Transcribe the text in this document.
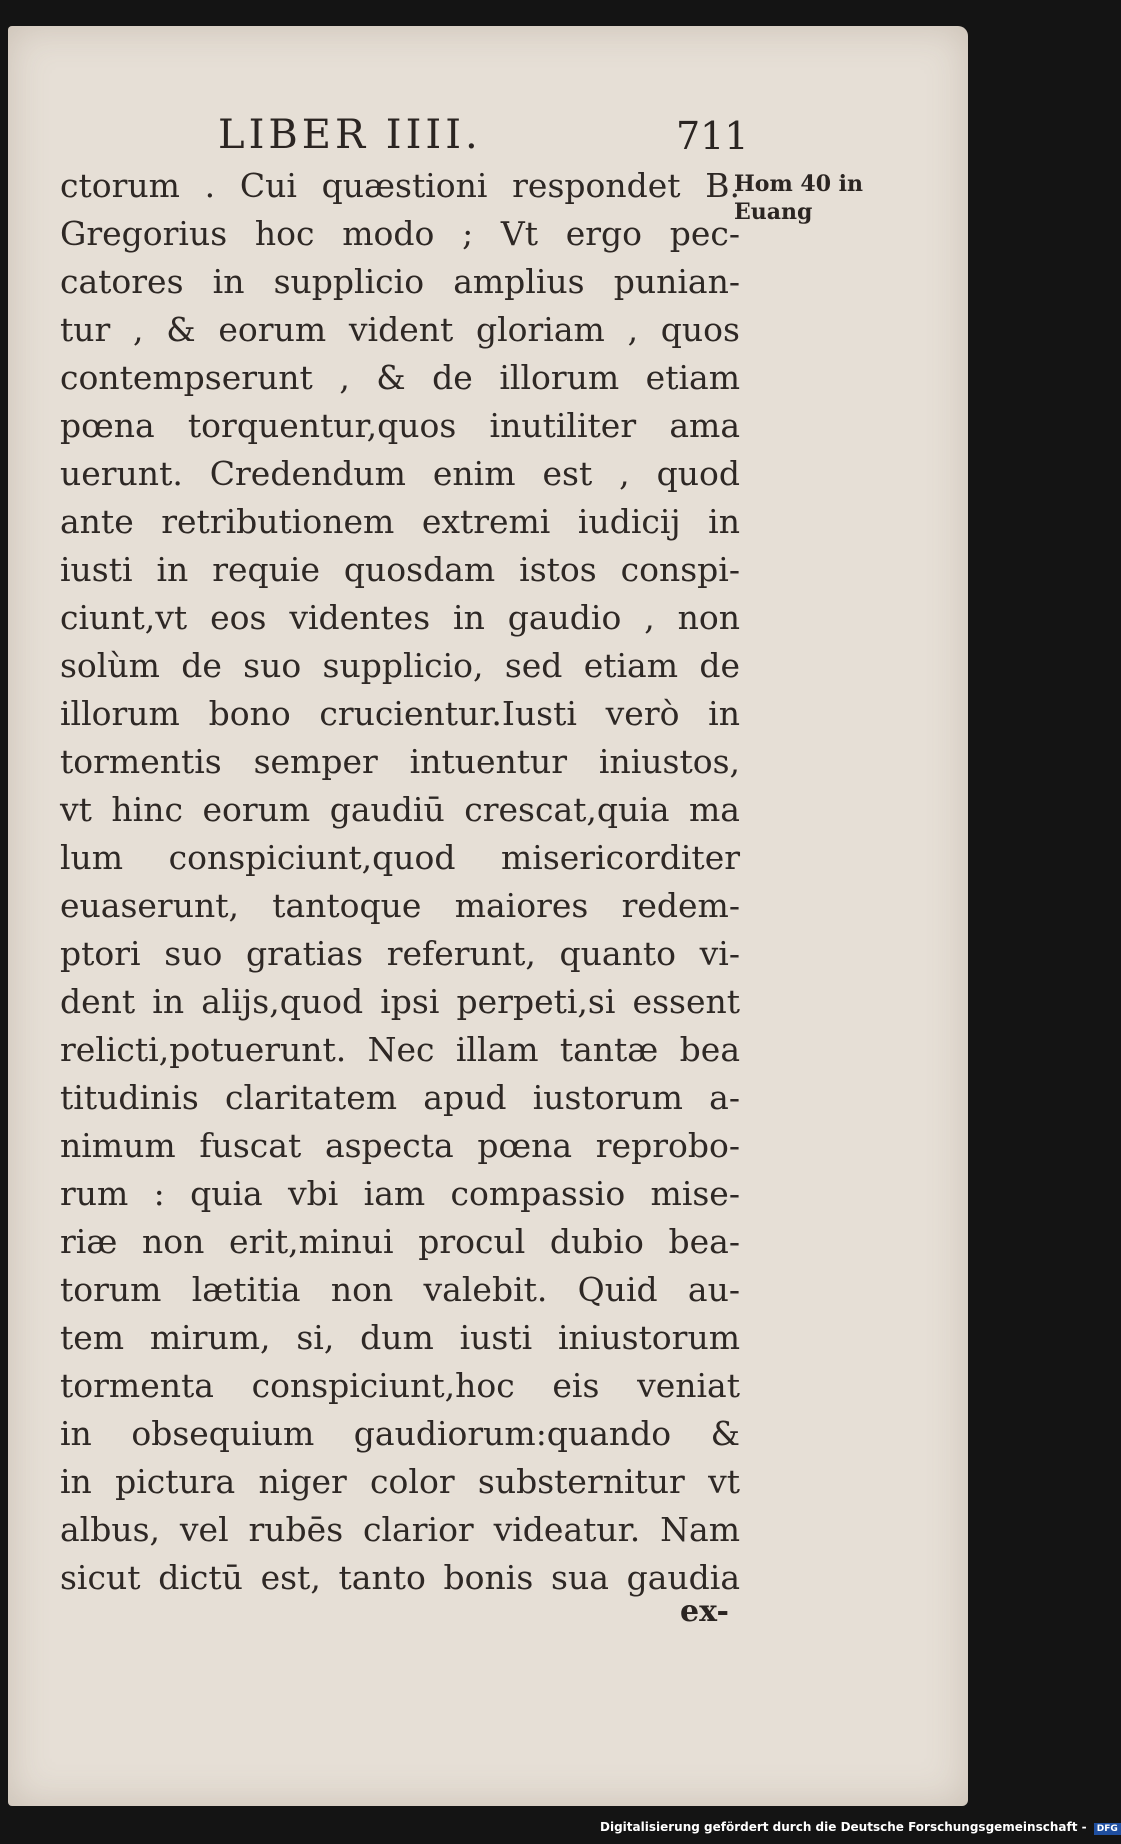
LIBER IIII.	711
Hom 40 in
Euang
ctorum . Cui quæstioni respondet B.
Gregorius hoc modo ; Vt ergo pec-
catores in supplicio amplius punian-
tur , & eorum vident gloriam , quos
contempserunt , & de illorum etiam
pœna torquentur,quos inutiliter ama
uerunt. Credendum enim est , quod
ante retributionem extremi iudicij in
iusti in requie quosdam istos conspi-
ciunt,vt eos videntes in gaudio , non
solùm de suo supplicio, sed etiam de
illorum bono crucientur.Iusti verò in
tormentis semper intuentur iniustos,
vt hinc eorum gaudiū crescat,quia ma
lum conspiciunt,quod misericorditer
euaserunt, tantoque maiores redem-
ptori suo gratias referunt, quanto vi-
dent in alijs,quod ipsi perpeti,si essent
relicti,potuerunt. Nec illam tantæ bea
titudinis claritatem apud iustorum a-
nimum fuscat aspecta pœna reprobo-
rum : quia vbi iam compassio mise-
riæ non erit,minui procul dubio bea-
torum lætitia non valebit. Quid au-
tem mirum, si, dum iusti iniustorum
tormenta conspiciunt,hoc eis veniat
in obsequium gaudiorum:quando &
in pictura niger color substernitur vt
albus, vel rubēs clarior videatur. Nam
sicut dictū est, tanto bonis sua gaudia
ex-
Digitalisierung gefördert durch die Deutsche Forschungsgemeinschaft - DFG
